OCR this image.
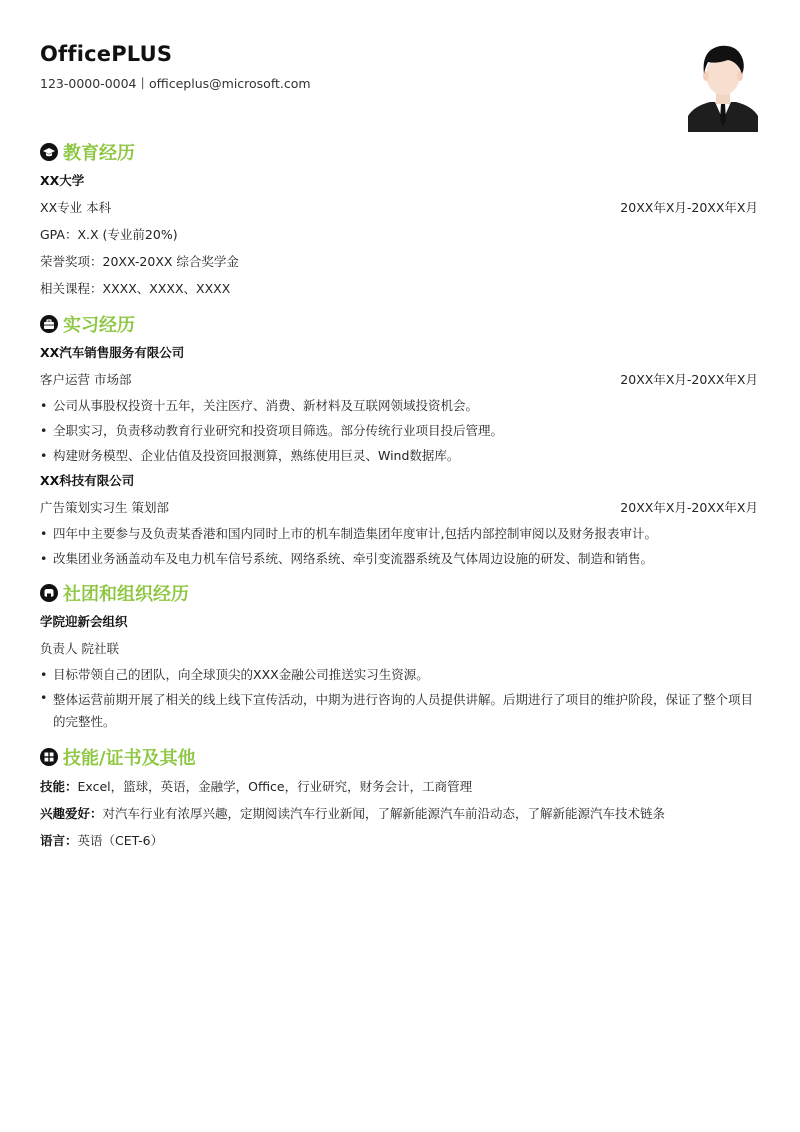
OfficePLUS
123-0000-0004丨officeplus@microsoft.com
教育经历
XX大学
XX专业 本科	20XX年X月-20XX年X月
GPA：X.X (专业前20%)
荣誉奖项：20XX-20XX 综合奖学金
相关课程：XXXX、XXXX、XXXX
实习经历
XX汽车销售服务有限公司
客户运营 市场部	20XX年X月-20XX年X月
• 公司从事股权投资十五年，关注医疗、消费、新材料及互联网领域投资机会。
• 全职实习，负责移动教育行业研究和投资项目筛选。部分传统行业项目投后管理。
• 构建财务模型、企业估值及投资回报测算，熟练使用巨灵、Wind数据库。
XX科技有限公司
广告策划实习生 策划部	20XX年X月-20XX年X月
• 四年中主要参与及负责某香港和国内同时上市的机车制造集团年度审计,包括内部控制审阅以及财务报表审计。
• 改集团业务涵盖动车及电力机车信号系统、网络系统、牵引变流器系统及气体周边设施的研发、制造和销售。
社团和组织经历
学院迎新会组织
负责人 院社联
• 目标带领自己的团队，向全球顶尖的XXX金融公司推送实习生资源。
• 整体运营前期开展了相关的线上线下宣传活动，中期为进行咨询的人员提供讲解。后期进行了项目的维护阶段，保证了整个项目的完整性。
技能/证书及其他
技能：Excel，篮球，英语，金融学，Office，行业研究，财务会计，工商管理
兴趣爱好：对汽车行业有浓厚兴趣，定期阅读汽车行业新闻，了解新能源汽车前沿动态，了解新能源汽车技术链条
语言：英语（CET-6）
